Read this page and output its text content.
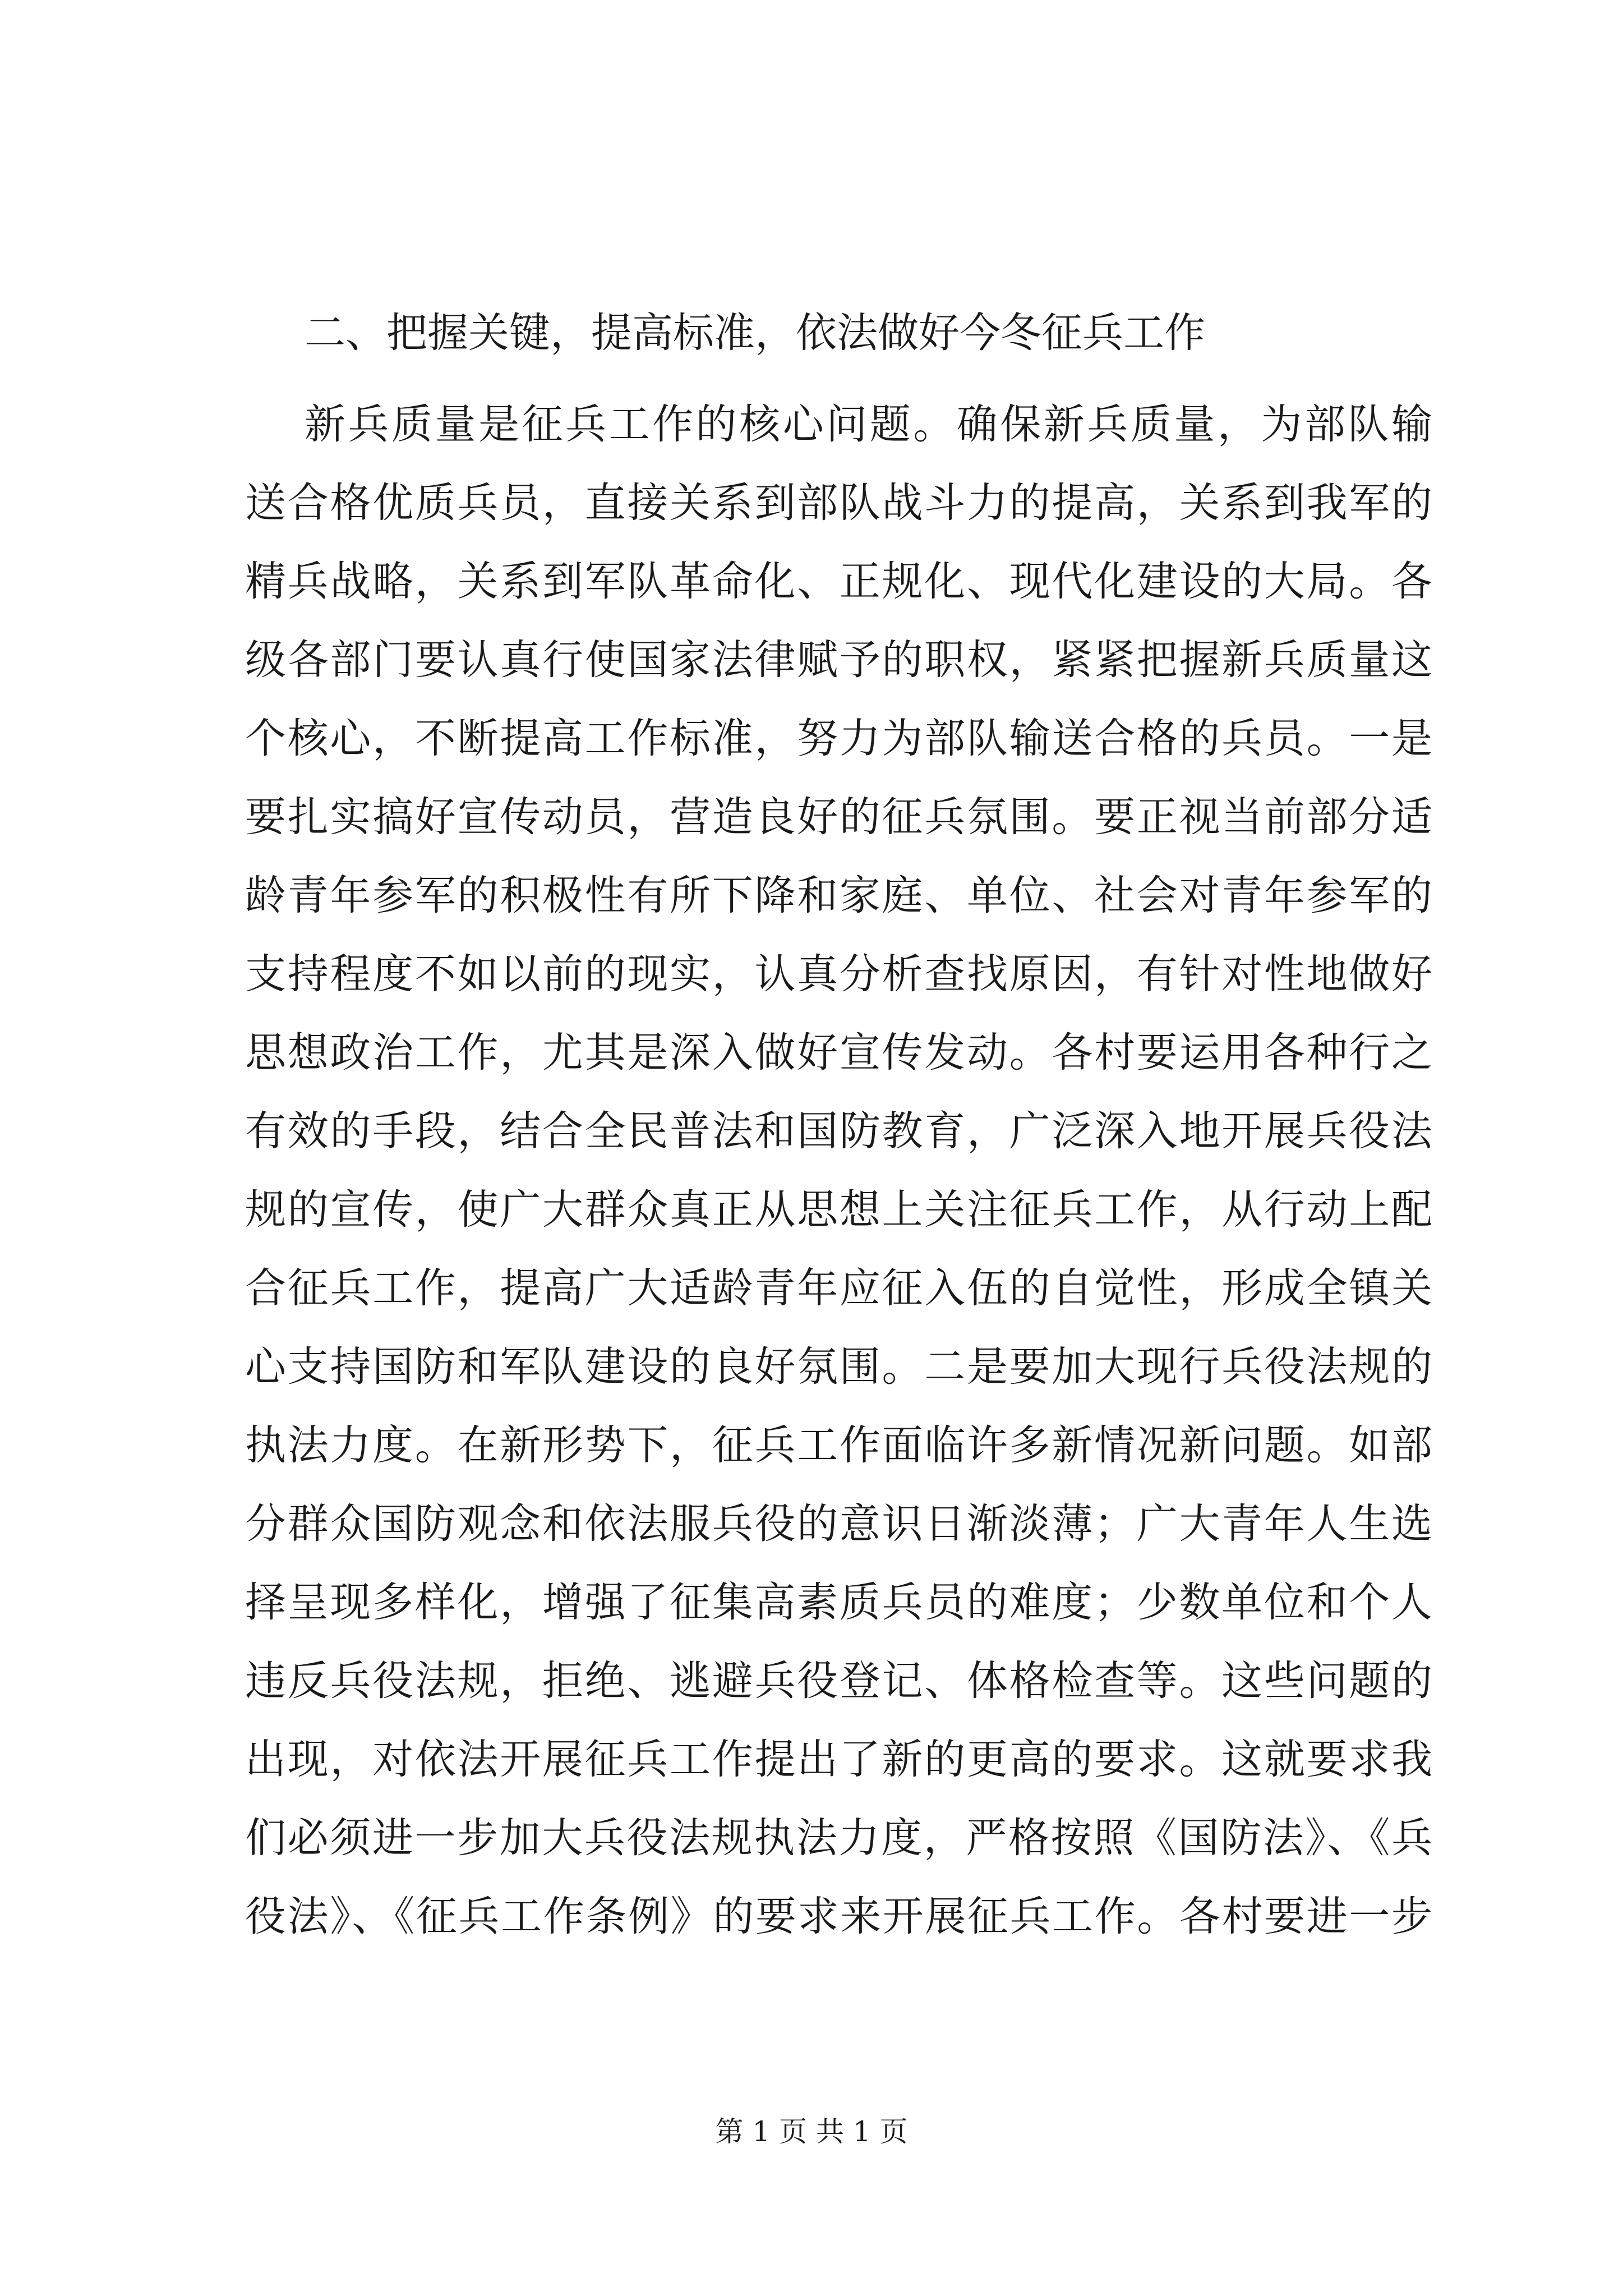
二、把握关键，提高标准，依法做好今冬征兵工作

新兵质量是征兵工作的核心问题。确保新兵质量，为部队输

送合格优质兵员，直接关系到部队战斗力的提高，关系到我军的

精兵战略，关系到军队革命化、正规化、现代化建设的大局。各

级各部门要认真行使国家法律赋予的职权，紧紧把握新兵质量这

个核心，不断提高工作标准，努力为部队输送合格的兵员。一是

要扎实搞好宣传动员，营造良好的征兵氛围。要正视当前部分适

龄青年参军的积极性有所下降和家庭、单位、社会对青年参军的

支持程度不如以前的现实，认真分析查找原因，有针对性地做好

思想政治工作，尤其是深入做好宣传发动。各村要运用各种行之

有效的手段，结合全民普法和国防教育，广泛深入地开展兵役法

规的宣传，使广大群众真正从思想上关注征兵工作，从行动上配

合征兵工作，提高广大适龄青年应征入伍的自觉性，形成全镇关

心支持国防和军队建设的良好氛围。二是要加大现行兵役法规的

执法力度。在新形势下，征兵工作面临许多新情况新问题。如部

分群众国防观念和依法服兵役的意识日渐淡薄；广大青年人生选

择呈现多样化，增强了征集高素质兵员的难度；少数单位和个人

违反兵役法规，拒绝、逃避兵役登记、体格检查等。这些问题的

出现，对依法开展征兵工作提出了新的更高的要求。这就要求我

们必须进一步加大兵役法规执法力度，严格按照《国防法》、《兵

役法》、《征兵工作条例》的要求来开展征兵工作。各村要进一步

第 1 页 共 1 页
